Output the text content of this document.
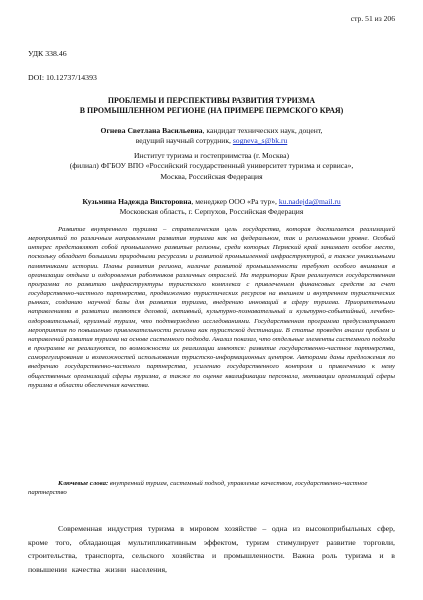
стр. 51 из 206
УДК 338.46
DOI: 10.12737/14393
ПРОБЛЕМЫ И ПЕРСПЕКТИВЫ РАЗВИТИЯ ТУРИЗМА
В ПРОМЫШЛЕННОМ РЕГИОНЕ (НА ПРИМЕРЕ ПЕРМСКОГО КРАЯ)
Огнева Светлана Васильевна, кандидат технических наук, доцент,
ведущий научный сотрудник, sogneva_s@bk.ru
Институт туризма и гостеприимства (г. Москва)
(филиал) ФГБОУ ВПО «Российский государственный университет туризма и сервиса»,
Москва, Российская Федерация
Кузьмина Надежда Викторовна, менеджер ООО «Ра тур», ku.nadejda@mail.ru
Московская область, г. Серпухов, Российская Федерация
Развитие внутреннего туризма – стратегическая цель государства, которая достигается реализацией мероприятий по различным направлениям развития туризма как на федеральном, так и региональном уровне. Особый интерес представляют собой промышленно развитые регионы, среди которых Пермский край занимает особое место, поскольку обладает большими природными ресурсами и развитой промышленной инфраструктурой, а также уникальными памятниками истории. Планы развития региона, наличие развитой промышленности требуют особого внимания в организации отдыха и оздоровления работников различных отраслей. На территории Края реализуется государственная программа по развитию инфраструктуры туристского комплекса с привлечением финансовых средств за счет государственно-частного партнерства, продвижению туристических ресурсов на внешнем и внутреннем туристических рынках, созданию научной базы для развития туризма, внедрению инноваций в сферу туризма. Приоритетными направлениями в развитии являются деловой, активный, культурно-познавательный и культурно-событийный, лечебно-оздоровительный, круизный туризм, что подтверждено исследованиями. Государственная программа предусматривает мероприятия по повышению привлекательности региона как туристской дестинации. В статье проведен анализ проблем и направлений развития туризма на основе системного подхода. Анализ показал, что отдельные элементы системного подхода в программе не реализуются, по возможности их реализации имеются: развитие государственно-частное партнерства, саморегулирования и возможностей использования туристско-информационных центров. Авторами даны предложения по внедрению государственно-частного партнерства, усилению государственного контроля и привлечению к нему общественных организаций сферы туризма, а также по оценке квалификации персонала, мотивации организаций сферы туризма в области обеспечения качества.
Ключевые слова: внутренний туризм, системный подход, управление качеством, государственно-частное партнерство
Современная индустрия туризма в мировом хозяйстве – одна из высокоприбыльных сфер, кроме того, обладающая мультипликативным эффектом, туризм стимулирует развитие торговли, строительства, транспорта, сельского хозяйства и промышленности. Важна роль туризма и в повышении качества жизни населения,
